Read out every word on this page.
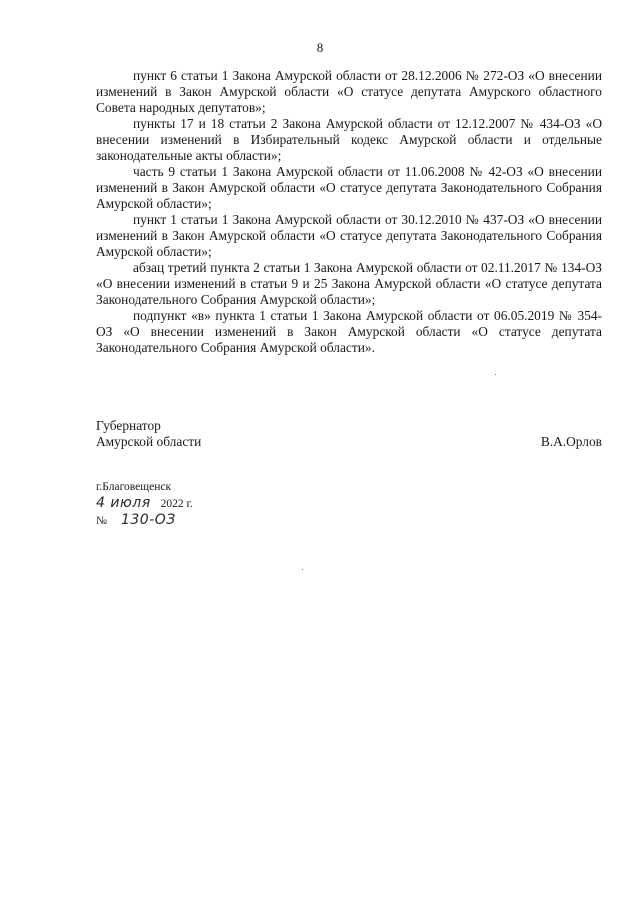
8

пункт 6 статьи 1 Закона Амурской области от 28.12.2006 № 272-ОЗ «О внесении изменений в Закон Амурской области «О статусе депутата Амурского областного Совета народных депутатов»;

пункты 17 и 18 статьи 2 Закона Амурской области от 12.12.2007 № 434-ОЗ «О внесении изменений в Избирательный кодекс Амурской области и отдельные законодательные акты области»;

часть 9 статьи 1 Закона Амурской области от 11.06.2008 № 42-ОЗ «О внесении изменений в Закон Амурской области «О статусе депутата Законодательного Собрания Амурской области»;

пункт 1 статьи 1 Закона Амурской области от 30.12.2010 № 437-ОЗ «О внесении изменений в Закон Амурской области «О статусе депутата Законодательного Собрания Амурской области»;

абзац третий пункта 2 статьи 1 Закона Амурской области от 02.11.2017 № 134-ОЗ «О внесении изменений в статьи 9 и 25 Закона Амурской области «О статусе депутата Законодательного Собрания Амурской области»;

подпункт «в» пункта 1 статьи 1 Закона Амурской области от 06.05.2019 № 354-ОЗ «О внесении изменений в Закон Амурской области «О статусе депутата Законодательного Собрания Амурской области».

Губернатор
Амурской области	В.А.Орлов
г.Благовещенск
4 июля 2022 г.
№ 130-ОЗ
